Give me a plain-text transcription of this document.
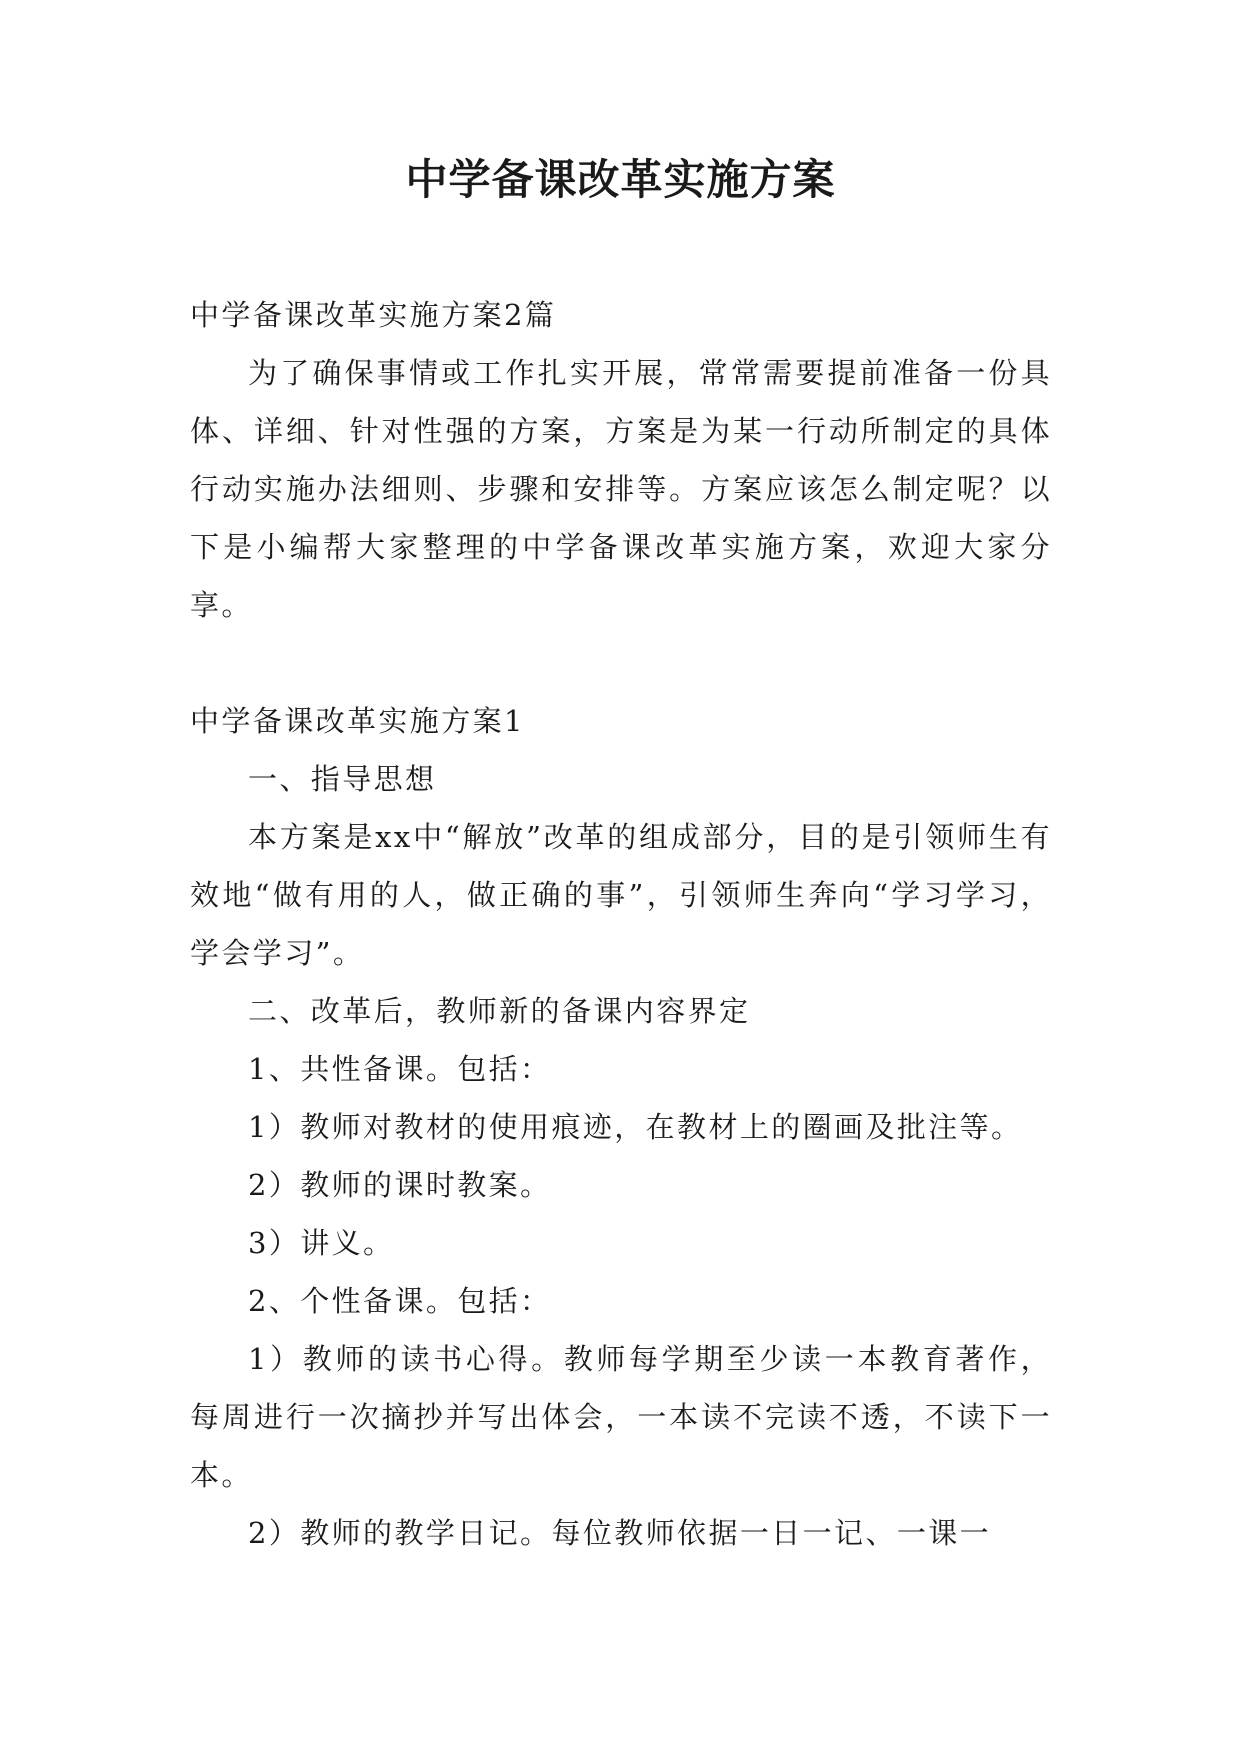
中学备课改革实施方案

中学备课改革实施方案2篇

为了确保事情或工作扎实开展，常常需要提前准备一份具体、详细、针对性强的方案，方案是为某一行动所制定的具体行动实施办法细则、步骤和安排等。方案应该怎么制定呢？以下是小编帮大家整理的中学备课改革实施方案，欢迎大家分享。

中学备课改革实施方案1

一、指导思想

本方案是xx中“解放”改革的组成部分，目的是引领师生有效地“做有用的人，做正确的事”，引领师生奔向“学习学习，学会学习”。

二、改革后，教师新的备课内容界定

1、共性备课。包括：

1）教师对教材的使用痕迹，在教材上的圈画及批注等。

2）教师的课时教案。

3）讲义。

2、个性备课。包括：

1）教师的读书心得。教师每学期至少读一本教育著作，每周进行一次摘抄并写出体会，一本读不完读不透，不读下一本。

2）教师的教学日记。每位教师依据一日一记、一课一
